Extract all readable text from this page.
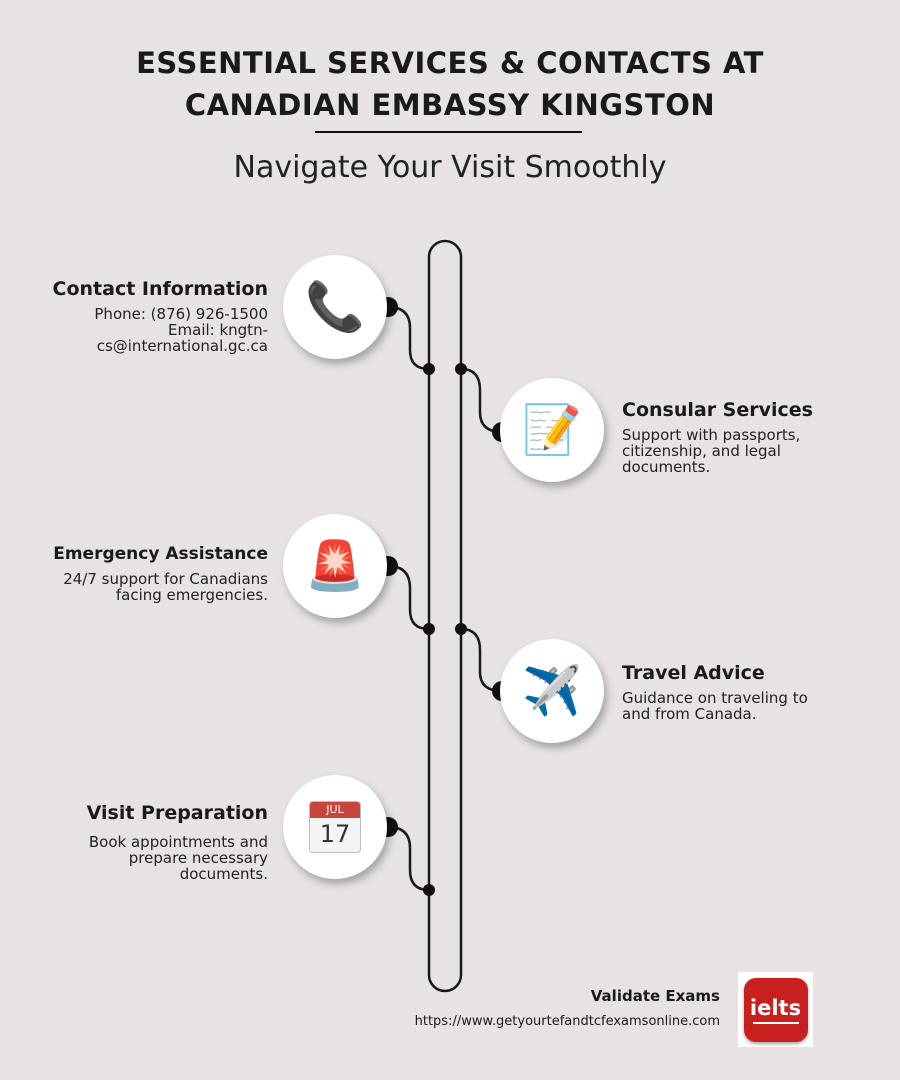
ESSENTIAL SERVICES & CONTACTS AT
CANADIAN EMBASSY KINGSTON
Navigate Your Visit Smoothly
Contact Information
Phone: (876) 926-1500
Email: kngtn-
cs@international.gc.ca
📞
📝 Consular Services
Support with passports,
citizenship, and legal
documents.
Emergency Assistance
24/7 support for Canadians
facing emergencies.
🚨
✈️ Travel Advice
Guidance on traveling to
and from Canada.
Visit Preparation
Book appointments and
prepare necessary
documents.
JUL
17
Validate Exams
https://www.getyourtefandtcfexamsonline.com
ielts
